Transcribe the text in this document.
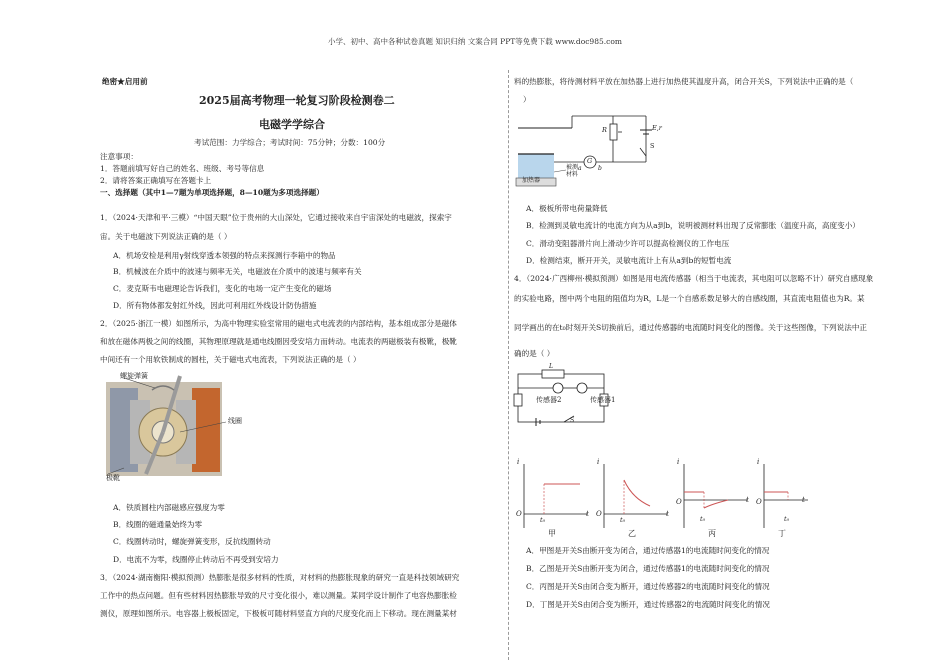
小学、初中、高中各种试卷真题 知识归纳 文案合同 PPT等免费下载 www.doc985.com
绝密★启用前
2025届高考物理一轮复习阶段检测卷二
电磁学学综合
考试范围：力学综合；考试时间：75分钟；分数：100分
注意事项：
1．答题前填写好自己的姓名、班级、考号等信息
2．请将答案正确填写在答题卡上
一、选择题（其中1—7题为单项选择题，8—10题为多项选择题）
1．（2024·天津和平·三模）“中国天眼”位于贵州的大山深处，它通过接收来自宇宙深处的电磁波，探索宇
宙。关于电磁波下列说法正确的是（ ）
A．机场安检是利用γ射线穿透本领强的特点来探测行李箱中的物品
B．机械波在介质中的波速与频率无关，电磁波在介质中的波速与频率有关
C．麦克斯韦电磁理论告诉我们，变化的电场一定产生变化的磁场
D．所有物体都发射红外线，因此可利用红外线设计防伪措施
2．（2025·浙江一模）如图所示，为高中物理实验室常用的磁电式电流表的内部结构，基本组成部分是磁体
和放在磁体两极之间的线圈，其物理原理就是通电线圈因受安培力而转动。电流表的两磁极装有极靴，极靴
中间还有一个用软铁制成的圆柱，关于磁电式电流表，下列说法正确的是（ ）
螺旋弹簧
线圈
极靴
A．铁质圆柱内部磁感应强度为零
B．线圈的磁通量始终为零
C．线圈转动时，螺旋弹簧变形，反抗线圈转动
D．电流不为零，线圈停止转动后不再受到安培力
3．（2024·湖南衡阳·模拟预测）热膨胀是很多材料的性质，对材料的热膨胀现象的研究一直是科技领域研究
工作中的热点问题。但有些材料因热膨胀导致的尺寸变化很小，难以测量。某同学设计制作了电容热膨胀检
测仪，原理如图所示。电容器上极板固定，下极板可随材料竖直方向的尺度变化而上下移动。现在测量某材
料的热膨胀，将待测材料平放在加热器上进行加热使其温度升高，闭合开关S，下列说法中正确的是（
）
R	E,r
S
G
a	b
被测
材料
加热器
A．极板所带电荷量降低
B．检测到灵敏电流计的电流方向为从a到b，说明被测材料出现了反常膨胀（温度升高，高度变小）
C．滑动变阻器滑片向上滑动少许可以提高检测仪的工作电压
D．检测结束，断开开关，灵敏电流计上有从a到b的短暂电流
4．（2024·广西柳州·模拟预测）如图是用电流传感器（相当于电流表，其电阻可以忽略不计）研究自感现象
的实验电路，图中两个电阻的阻值均为R，L是一个自感系数足够大的自感线圈，其直流电阻值也为R。某
同学画出的在t₀时刻开关S切换前后，通过传感器的电流随时间变化的图像。关于这些图像，下列说法中正
确的是（ ）
L
传感器2	传感器1
S
i	i	i	i
O	O
O	O
t₀	t₀	t₀	t₀
t	t
t	t
甲	乙	丙	丁
A．甲图是开关S由断开变为闭合，通过传感器1的电流随时间变化的情况
B．乙图是开关S由断开变为闭合，通过传感器1的电流随时间变化的情况
C．丙图是开关S由闭合变为断开，通过传感器2的电流随时间变化的情况
D．丁图是开关S由闭合变为断开，通过传感器2的电流随时间变化的情况
